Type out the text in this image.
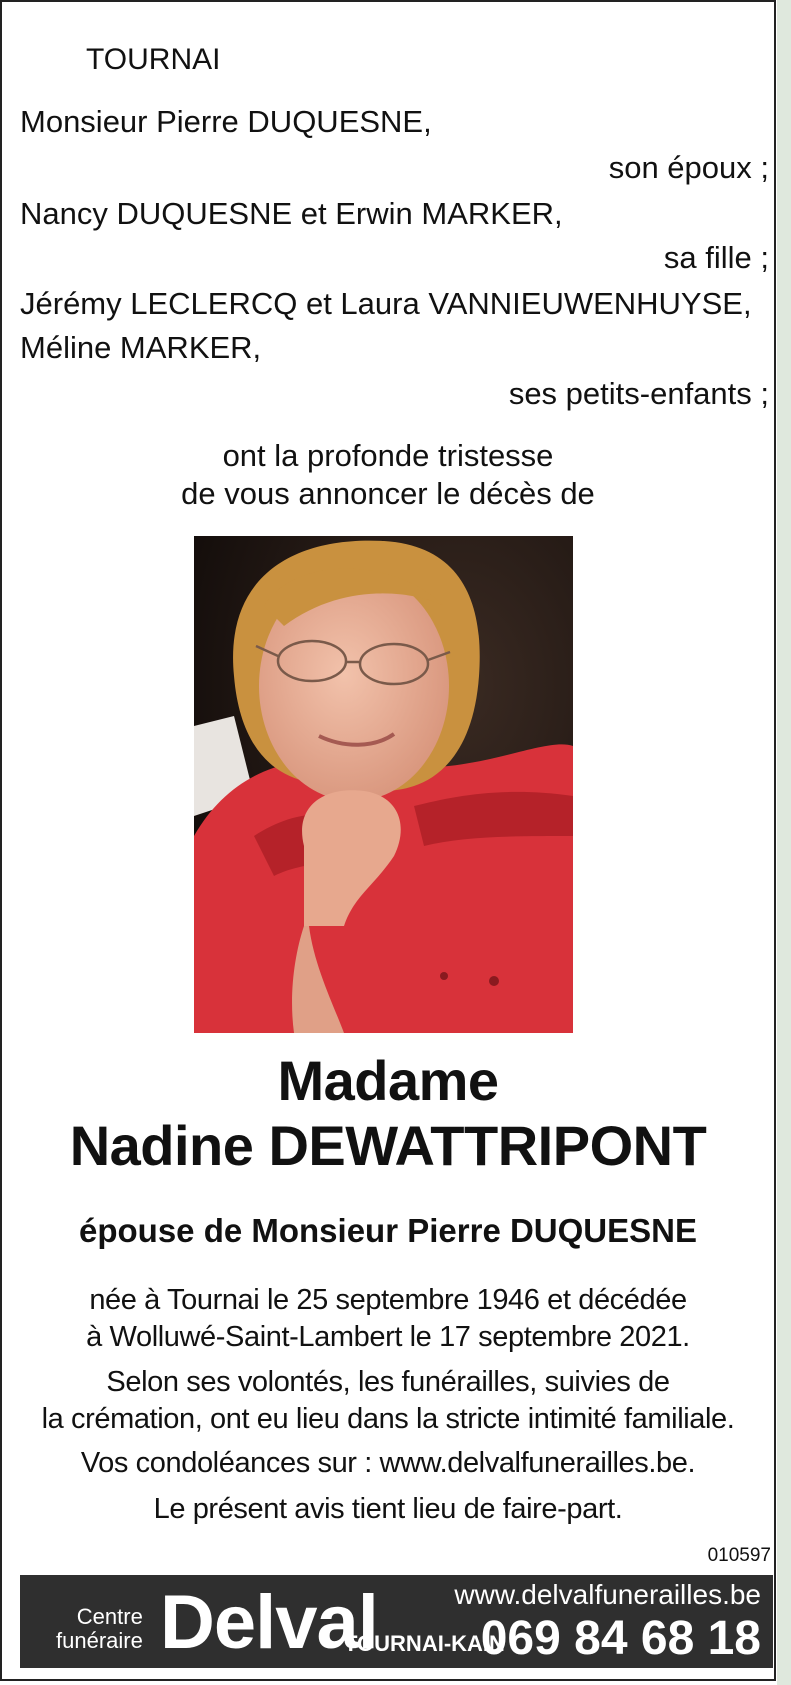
TOURNAI
Monsieur Pierre DUQUESNE,
son époux ;
Nancy DUQUESNE et Erwin MARKER,
sa fille ;
Jérémy LECLERCQ et Laura VANNIEUWENHUYSE,
Méline MARKER,
ses petits-enfants ;
ont la profonde tristesse
de vous annoncer le décès de
Madame
Nadine DEWATTRIPONT
épouse de Monsieur Pierre DUQUESNE
née à Tournai le 25 septembre 1946 et décédée
à Wolluwé-Saint-Lambert le 17 septembre 2021.
Selon ses volontés, les funérailles, suivies de
la crémation, ont eu lieu dans la stricte intimité familiale.
Vos condoléances sur : www.delvalfunerailles.be.
Le présent avis tient lieu de faire-part.
010597
Centre
funéraire Delval	www.delvalfunerailles.be
TOURNAI-KAIN
069 84 68 18
